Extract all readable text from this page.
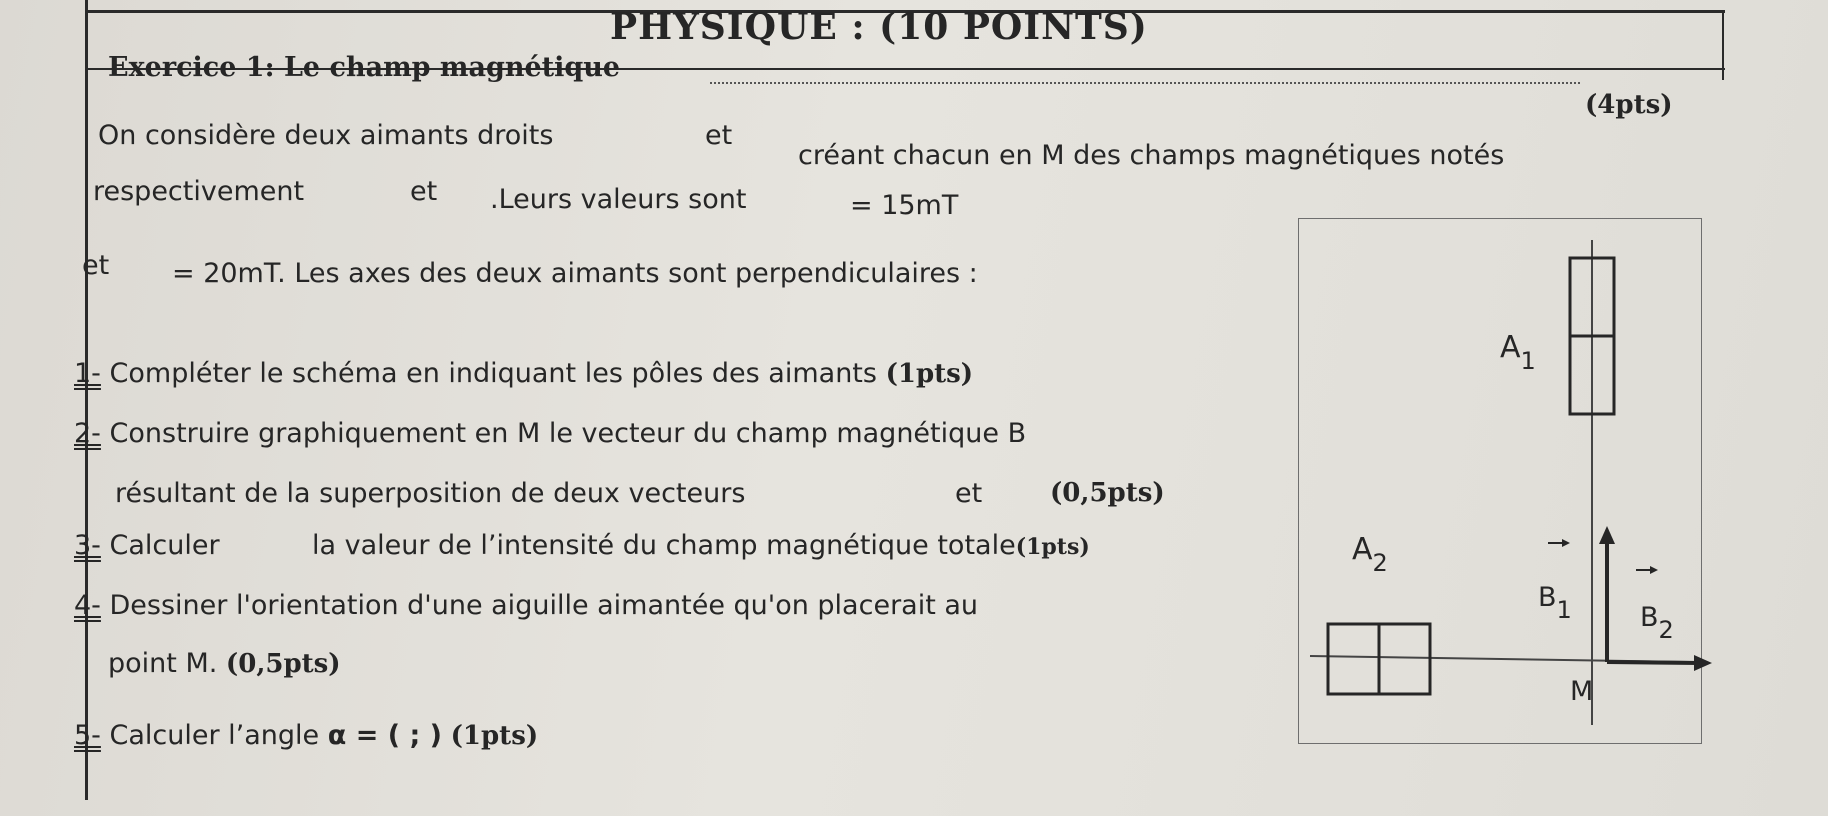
PHYSIQUE : (10 POINTS)
Exercice 1: Le champ magnétique
(4pts)
On considère deux aimants droits	et
créant chacun en M des champs magnétiques notés
respectivement	et .Leurs valeurs sont	= 15mT
et = 20mT. Les axes des deux aimants sont perpendiculaires :
1- Compléter le schéma en indiquant les pôles des aimants (1pts)
2- Construire graphiquement en M le vecteur du champ magnétique B
résultant de la superposition de deux vecteurs	et	(0,5pts)
3- Calculer	la valeur de l’intensité du champ magnétique totale(1pts)
4- Dessiner l'orientation d'une aiguille aimantée qu'on placerait au
point M. (0,5pts)
5- Calculer l’angle α = ( ; ) (1pts)
$A_1$
$A_2$
B1	B2
M
